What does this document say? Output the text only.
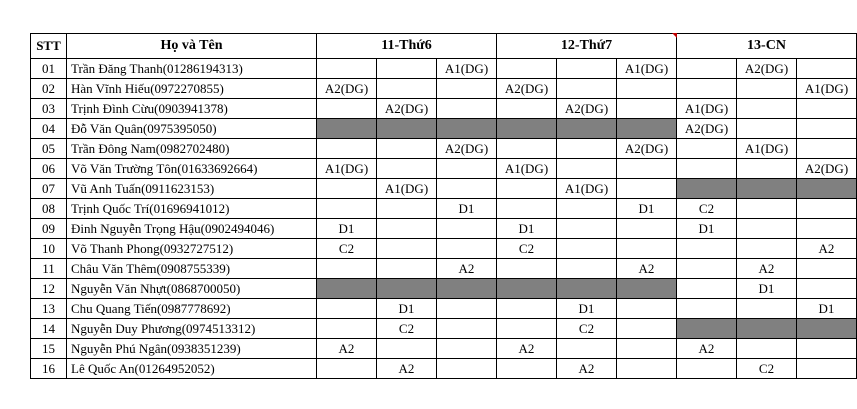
STT	Họ và Tên	11-Thứ6			12-Thứ7			13-CN		
01	Trần Đăng Thanh(01286194313)			A1(DG)			A1(DG)		A2(DG)	
02	Hàn Vĩnh Hiếu(0972270855)	A2(DG)			A2(DG)					A1(DG)
03	Trịnh Đình Cừu(0903941378)		A2(DG)			A2(DG)		A1(DG)		
04	Đỗ Văn Quân(0975395050)							A2(DG)		
05	Trần Đông Nam(0982702480)			A2(DG)			A2(DG)		A1(DG)	
06	Võ Văn Trường Tôn(01633692664)	A1(DG)			A1(DG)					A2(DG)
07	Vũ Anh Tuấn(0911623153)		A1(DG)			A1(DG)				
08	Trịnh Quốc Trí(01696941012)			D1			D1	C2		
09	Đinh Nguyễn Trọng Hậu(0902494046)	D1			D1			D1		
10	Võ Thanh Phong(0932727512)	C2			C2					A2
11	Châu Văn Thêm(0908755339)			A2			A2		A2	
12	Nguyễn Văn Nhựt(0868700050)								D1	
13	Chu Quang Tiến(0987778692)		D1			D1				D1
14	Nguyễn Duy Phương(0974513312)		C2			C2				
15	Nguyễn Phú Ngân(0938351239)	A2			A2			A2		
16	Lê Quốc An(01264952052)		A2			A2			C2	
